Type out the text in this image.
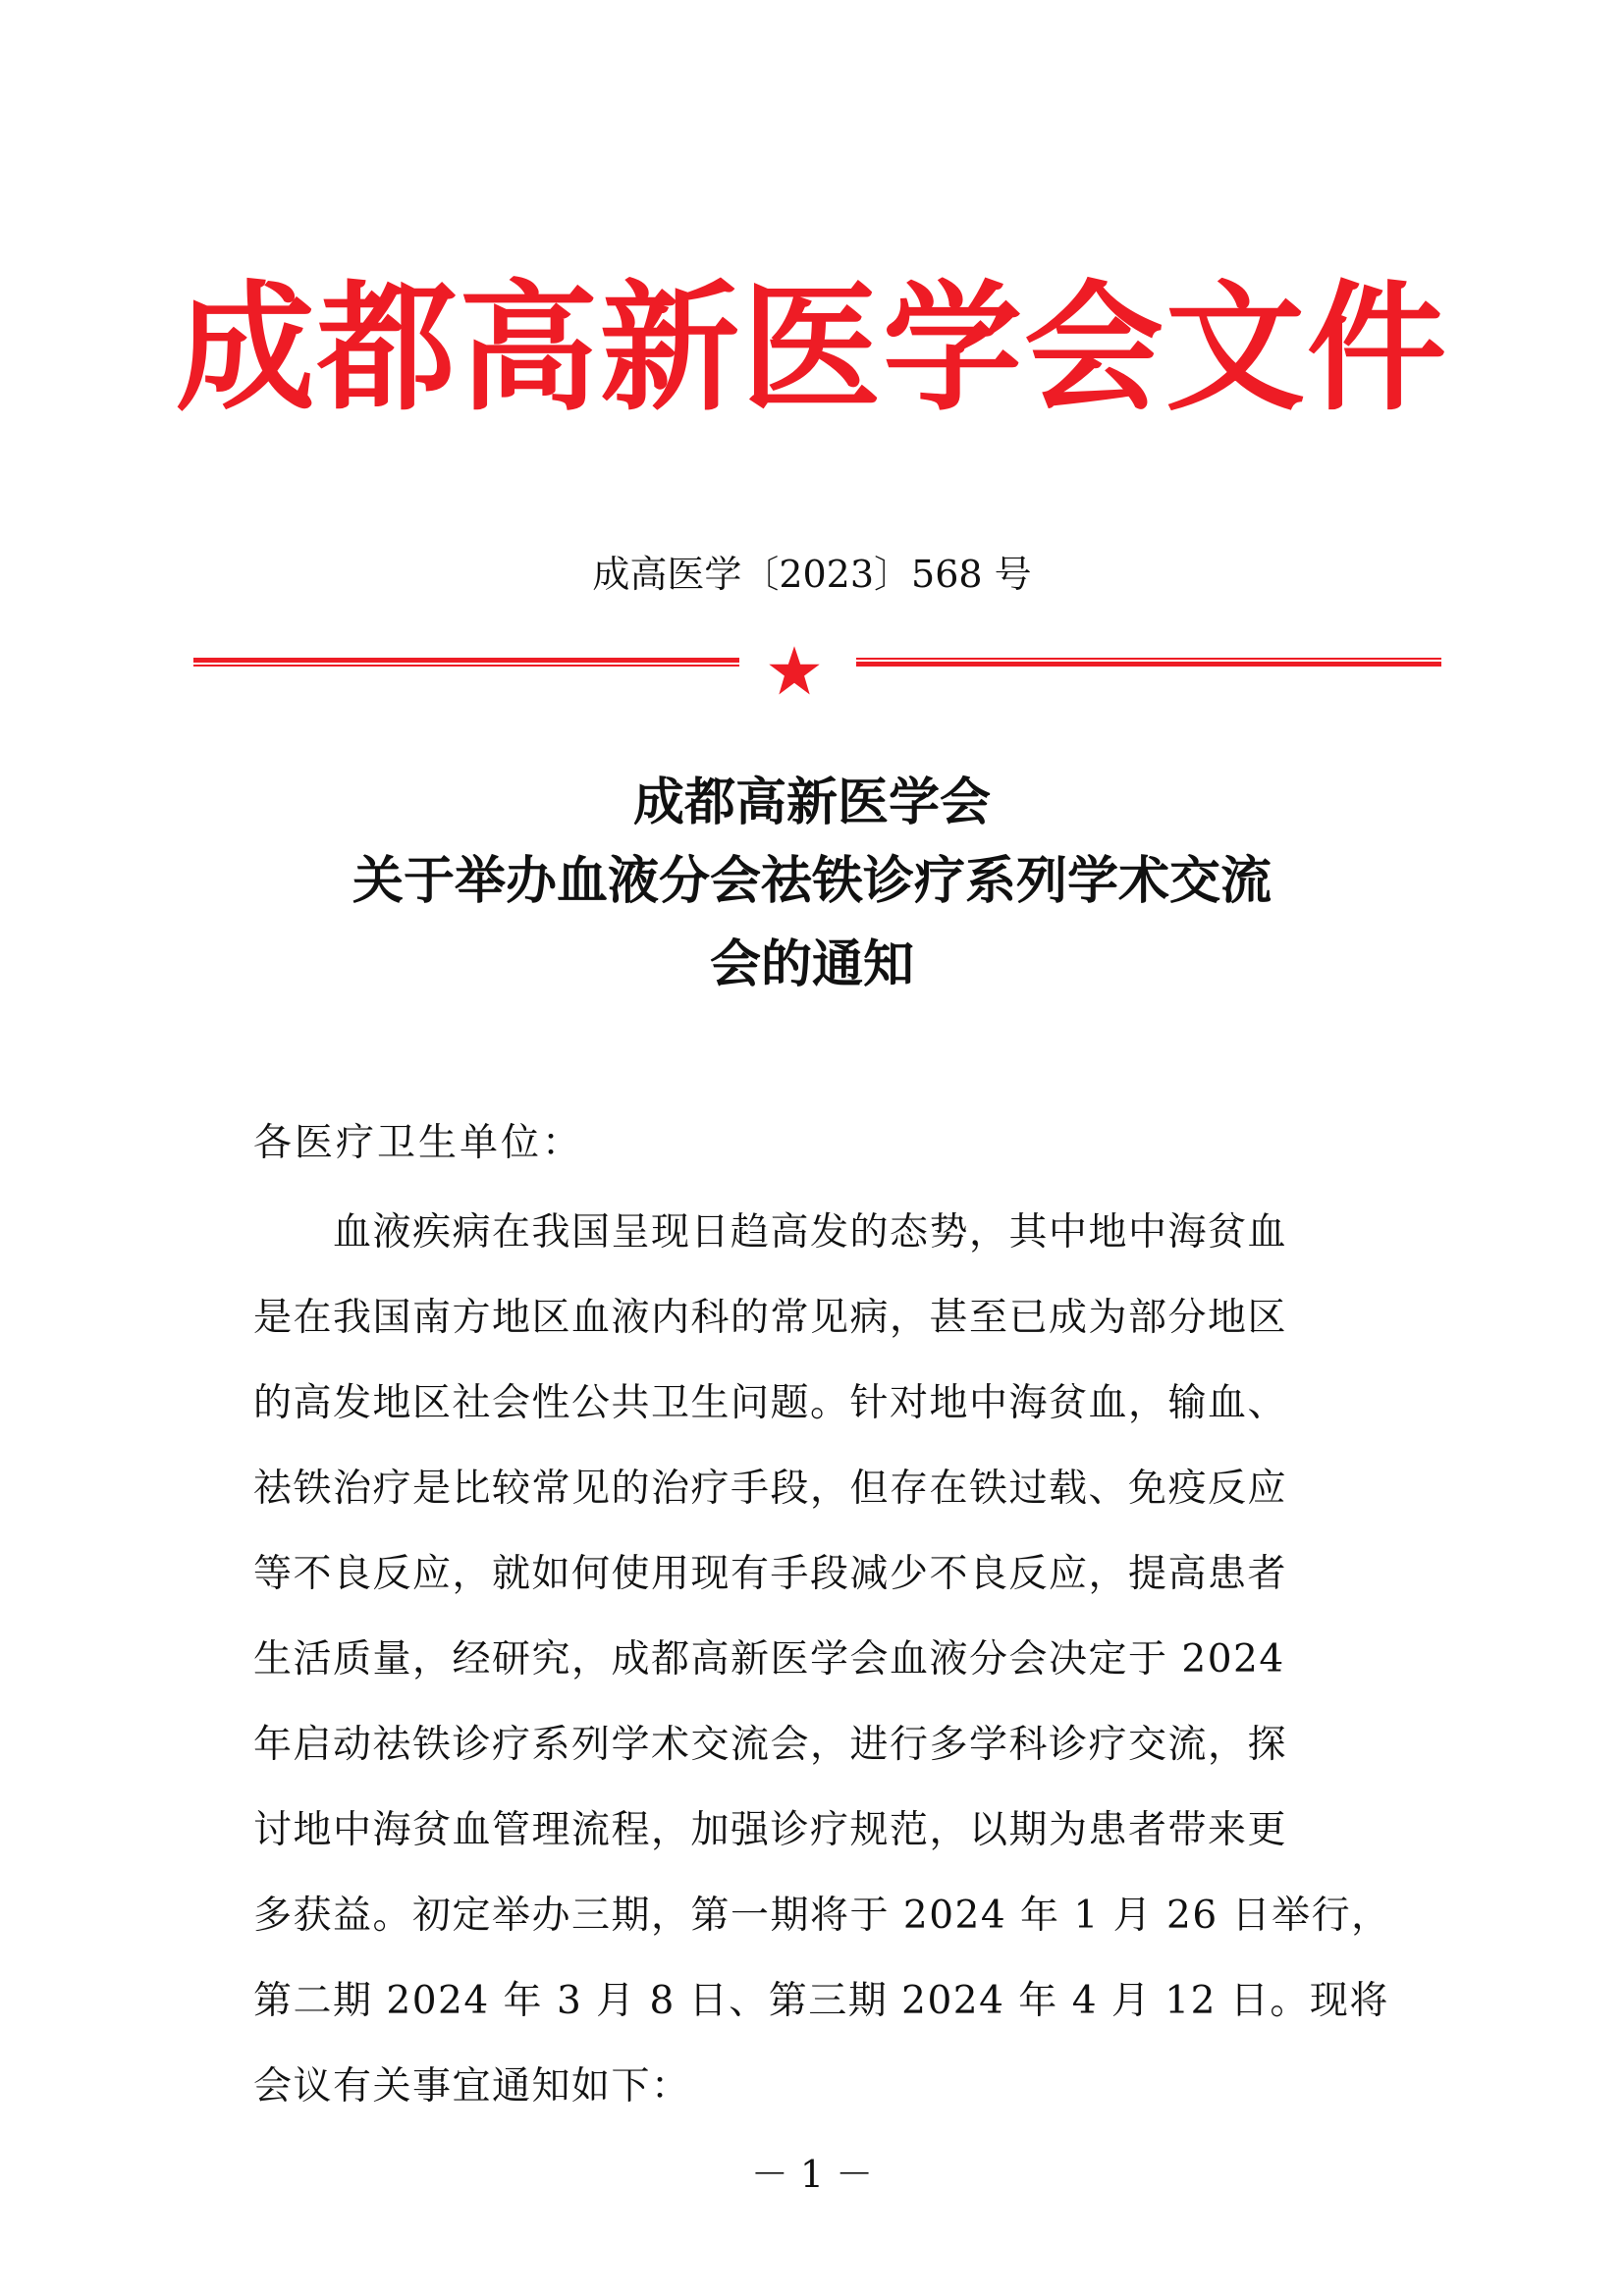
成都高新医学会文件
成高医学〔2023〕568 号
成都高新医学会
关于举办血液分会祛铁诊疗系列学术交流
会的通知
各医疗卫生单位：
　　血液疾病在我国呈现日趋高发的态势，其中地中海贫血
是在我国南方地区血液内科的常见病，甚至已成为部分地区
的高发地区社会性公共卫生问题。针对地中海贫血，输血、
祛铁治疗是比较常见的治疗手段，但存在铁过载、免疫反应
等不良反应，就如何使用现有手段减少不良反应，提高患者
生活质量，经研究，成都高新医学会血液分会决定于 2024
年启动祛铁诊疗系列学术交流会，进行多学科诊疗交流，探
讨地中海贫血管理流程，加强诊疗规范，以期为患者带来更
多获益。初定举办三期，第一期将于 2024 年 1 月 26 日举行，
第二期 2024 年 3 月 8 日、第三期 2024 年 4 月 12 日。现将
会议有关事宜通知如下：
－ 1 －
